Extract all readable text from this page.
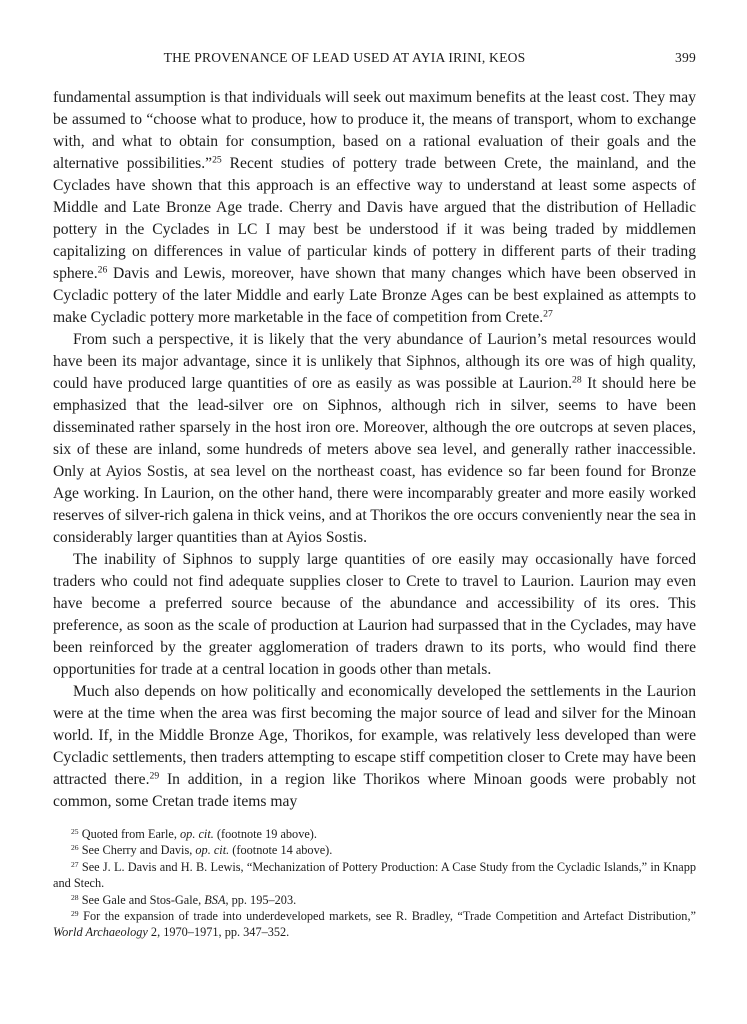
THE PROVENANCE OF LEAD USED AT AYIA IRINI, KEOS	399

fundamental assumption is that individuals will seek out maximum benefits at the least cost. They may be assumed to “choose what to produce, how to produce it, the means of transport, whom to exchange with, and what to obtain for consumption, based on a rational evaluation of their goals and the alternative possibilities.”$^{25}$ Recent studies of pottery trade between Crete, the mainland, and the Cyclades have shown that this approach is an effective way to understand at least some aspects of Middle and Late Bronze Age trade. Cherry and Davis have argued that the distribution of Helladic pottery in the Cyclades in LC I may best be understood if it was being traded by middlemen capitalizing on differences in value of particular kinds of pottery in different parts of their trading sphere.$^{26}$ Davis and Lewis, moreover, have shown that many changes which have been observed in Cycladic pottery of the later Middle and early Late Bronze Ages can be best explained as attempts to make Cycladic pottery more marketable in the face of competition from Crete.$^{27}$

From such a perspective, it is likely that the very abundance of Laurion’s metal resources would have been its major advantage, since it is unlikely that Siphnos, although its ore was of high quality, could have produced large quantities of ore as easily as was possible at Laurion.$^{28}$ It should here be emphasized that the lead-silver ore on Siphnos, although rich in silver, seems to have been disseminated rather sparsely in the host iron ore. Moreover, although the ore outcrops at seven places, six of these are inland, some hundreds of meters above sea level, and generally rather inaccessible. Only at Ayios Sostis, at sea level on the northeast coast, has evidence so far been found for Bronze Age working. In Laurion, on the other hand, there were incomparably greater and more easily worked reserves of silver-rich galena in thick veins, and at Thorikos the ore occurs conveniently near the sea in considerably larger quantities than at Ayios Sostis.

The inability of Siphnos to supply large quantities of ore easily may occasionally have forced traders who could not find adequate supplies closer to Crete to travel to Laurion. Laurion may even have become a preferred source because of the abundance and accessibility of its ores. This preference, as soon as the scale of production at Laurion had surpassed that in the Cyclades, may have been reinforced by the greater agglomeration of traders drawn to its ports, who would find there opportunities for trade at a central location in goods other than metals.

Much also depends on how politically and economically developed the settlements in the Laurion were at the time when the area was first becoming the major source of lead and silver for the Minoan world. If, in the Middle Bronze Age, Thorikos, for example, was relatively less developed than were Cycladic settlements, then traders attempting to escape stiff competition closer to Crete may have been attracted there.$^{29}$ In addition, in a region like Thorikos where Minoan goods were probably not common, some Cretan trade items may

$^{25}$ Quoted from Earle, op. cit. (footnote 19 above).

$^{26}$ See Cherry and Davis, op. cit. (footnote 14 above).

$^{27}$ See J. L. Davis and H. B. Lewis, “Mechanization of Pottery Production: A Case Study from the Cycladic Islands,” in Knapp and Stech.

$^{28}$ See Gale and Stos-Gale, BSA, pp. 195–203.

$^{29}$ For the expansion of trade into underdeveloped markets, see R. Bradley, “Trade Competition and Artefact Distribution,” World Archaeology 2, 1970–1971, pp. 347–352.
